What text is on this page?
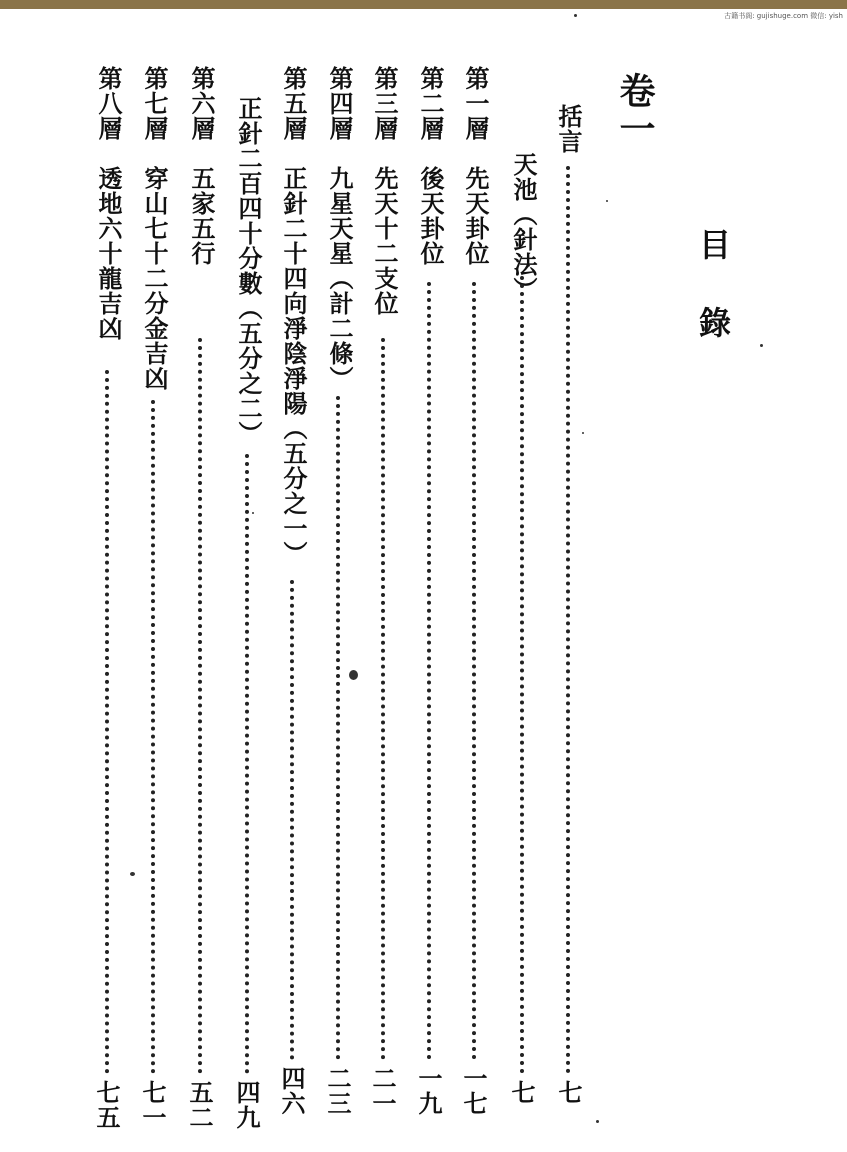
古籍书阁: gujishuge.com 微信: yish
目
錄
卷一
括言
七
天池（針法）
七
第一層　先天卦位
一七
第二層　後天卦位
一九
第三層　先天十二支位
二一
第四層　九星天星（計二條）
二三
第五層　正針二十四向淨陰淨陽（五分之一）
四六
正針二百四十分數（五分之二）
四九
第六層　五家五行
五二
第七層　穿山七十二分金吉凶
七一
第八層　透地六十龍吉凶
七五
